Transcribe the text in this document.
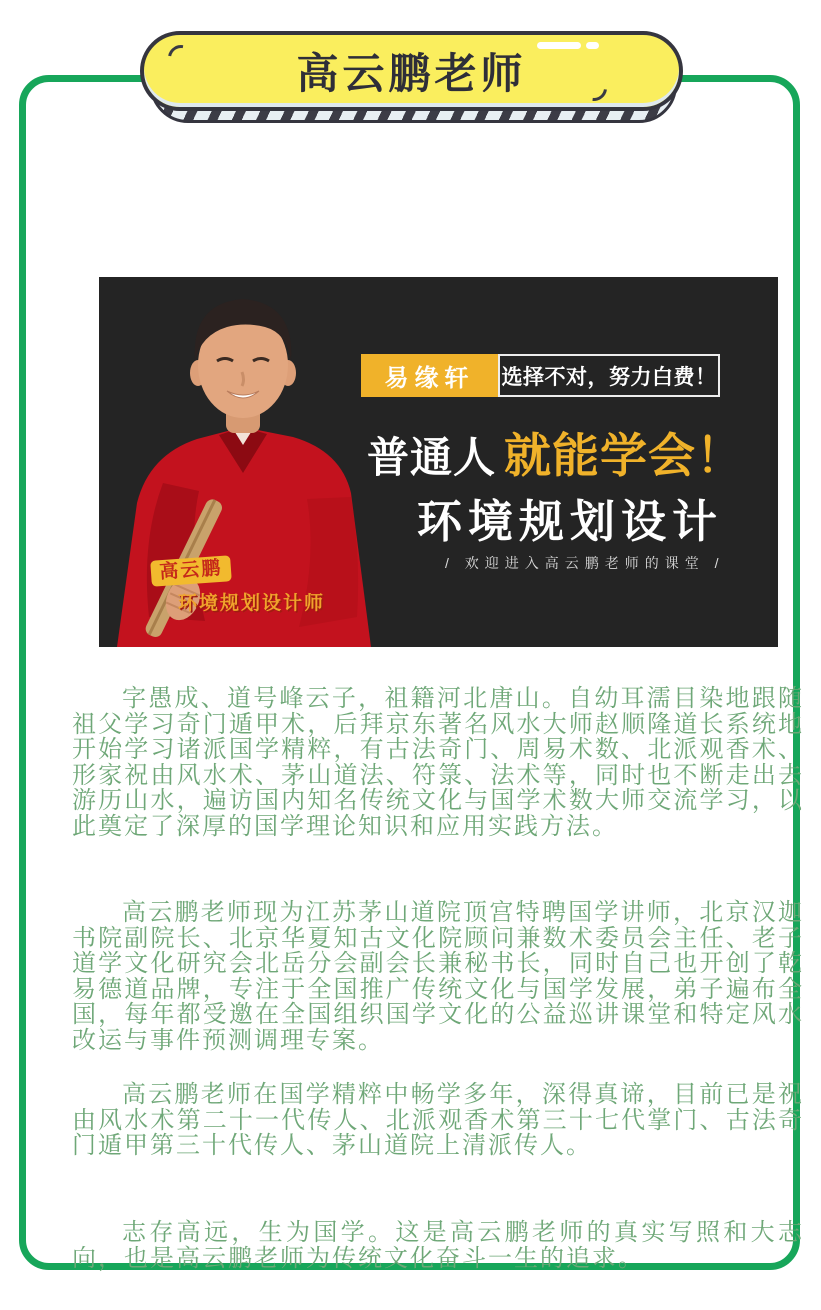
易缘轩	选择不对，努力白费！
普通人 就能学会！
环境规划设计
/ 欢迎进入高云鹏老师的课堂 /
高云鹏
环境规划设计师

字愚成、道号峰云子，祖籍河北唐山。自幼耳濡目染地跟随祖父学习奇门遁甲术，后拜京东著名风水大师赵顺隆道长系统地开始学习诸派国学精粹，有古法奇门、周易术数、北派观香术、形家祝由风水术、茅山道法、符箓、法术等，同时也不断走出去游历山水，遍访国内知名传统文化与国学术数大师交流学习，以此奠定了深厚的国学理论知识和应用实践方法。

高云鹏老师现为江苏茅山道院顶宫特聘国学讲师，北京汉迦书院副院长、北京华夏知古文化院顾问兼数术委员会主任、老子道学文化研究会北岳分会副会长兼秘书长，同时自己也开创了乾易德道品牌，专注于全国推广传统文化与国学发展，弟子遍布全国，每年都受邀在全国组织国学文化的公益巡讲课堂和特定风水改运与事件预测调理专案。

高云鹏老师在国学精粹中畅学多年，深得真谛，目前已是祝由风水术第二十一代传人、北派观香术第三十七代掌门、古法奇门遁甲第三十代传人、茅山道院上清派传人。

志存高远，生为国学。这是高云鹏老师的真实写照和大志向，也是高云鹏老师为传统文化奋斗一生的追求。

高云鹏老师
